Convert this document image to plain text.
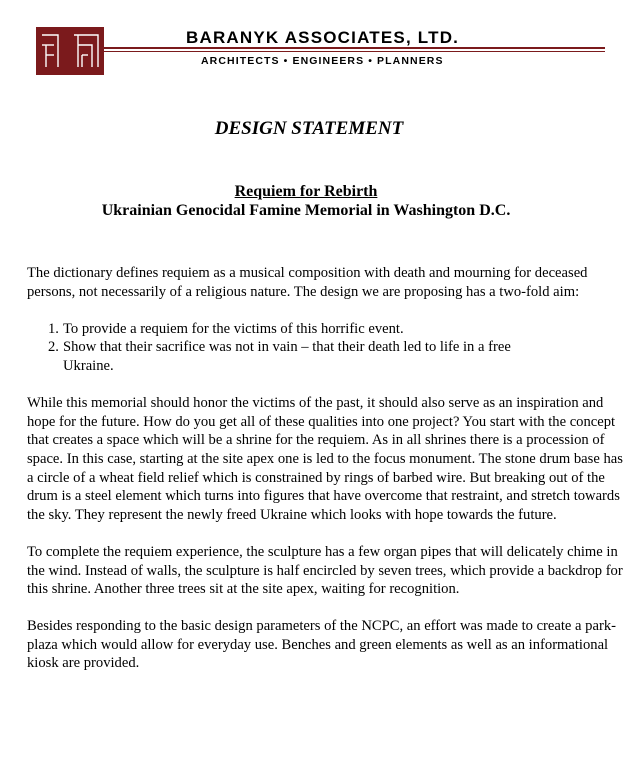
BARANYK ASSOCIATES, LTD.
ARCHITECTS • ENGINEERS • PLANNERS
DESIGN STATEMENT
Requiem for Rebirth
Ukrainian Genocidal Famine Memorial in Washington D.C.

The dictionary defines requiem as a musical composition with death and mourning for deceased persons, not necessarily of a religious nature. The design we are proposing has a two-fold aim:

1. To provide a requiem for the victims of this horrific event.
2. Show that their sacrifice was not in vain – that their death led to life in a free Ukraine.

While this memorial should honor the victims of the past, it should also serve as an inspiration and hope for the future. How do you get all of these qualities into one project? You start with the concept that creates a space which will be a shrine for the requiem. As in all shrines there is a procession of space. In this case, starting at the site apex one is led to the focus monument. The stone drum base has a circle of a wheat field relief which is constrained by rings of barbed wire. But breaking out of the drum is a steel element which turns into figures that have overcome that restraint, and stretch towards the sky. They represent the newly freed Ukraine which looks with hope towards the future.

To complete the requiem experience, the sculpture has a few organ pipes that will delicately chime in the wind. Instead of walls, the sculpture is half encircled by seven trees, which provide a backdrop for this shrine. Another three trees sit at the site apex, waiting for recognition.

Besides responding to the basic design parameters of the NCPC, an effort was made to create a park-plaza which would allow for everyday use. Benches and green elements as well as an informational kiosk are provided.
